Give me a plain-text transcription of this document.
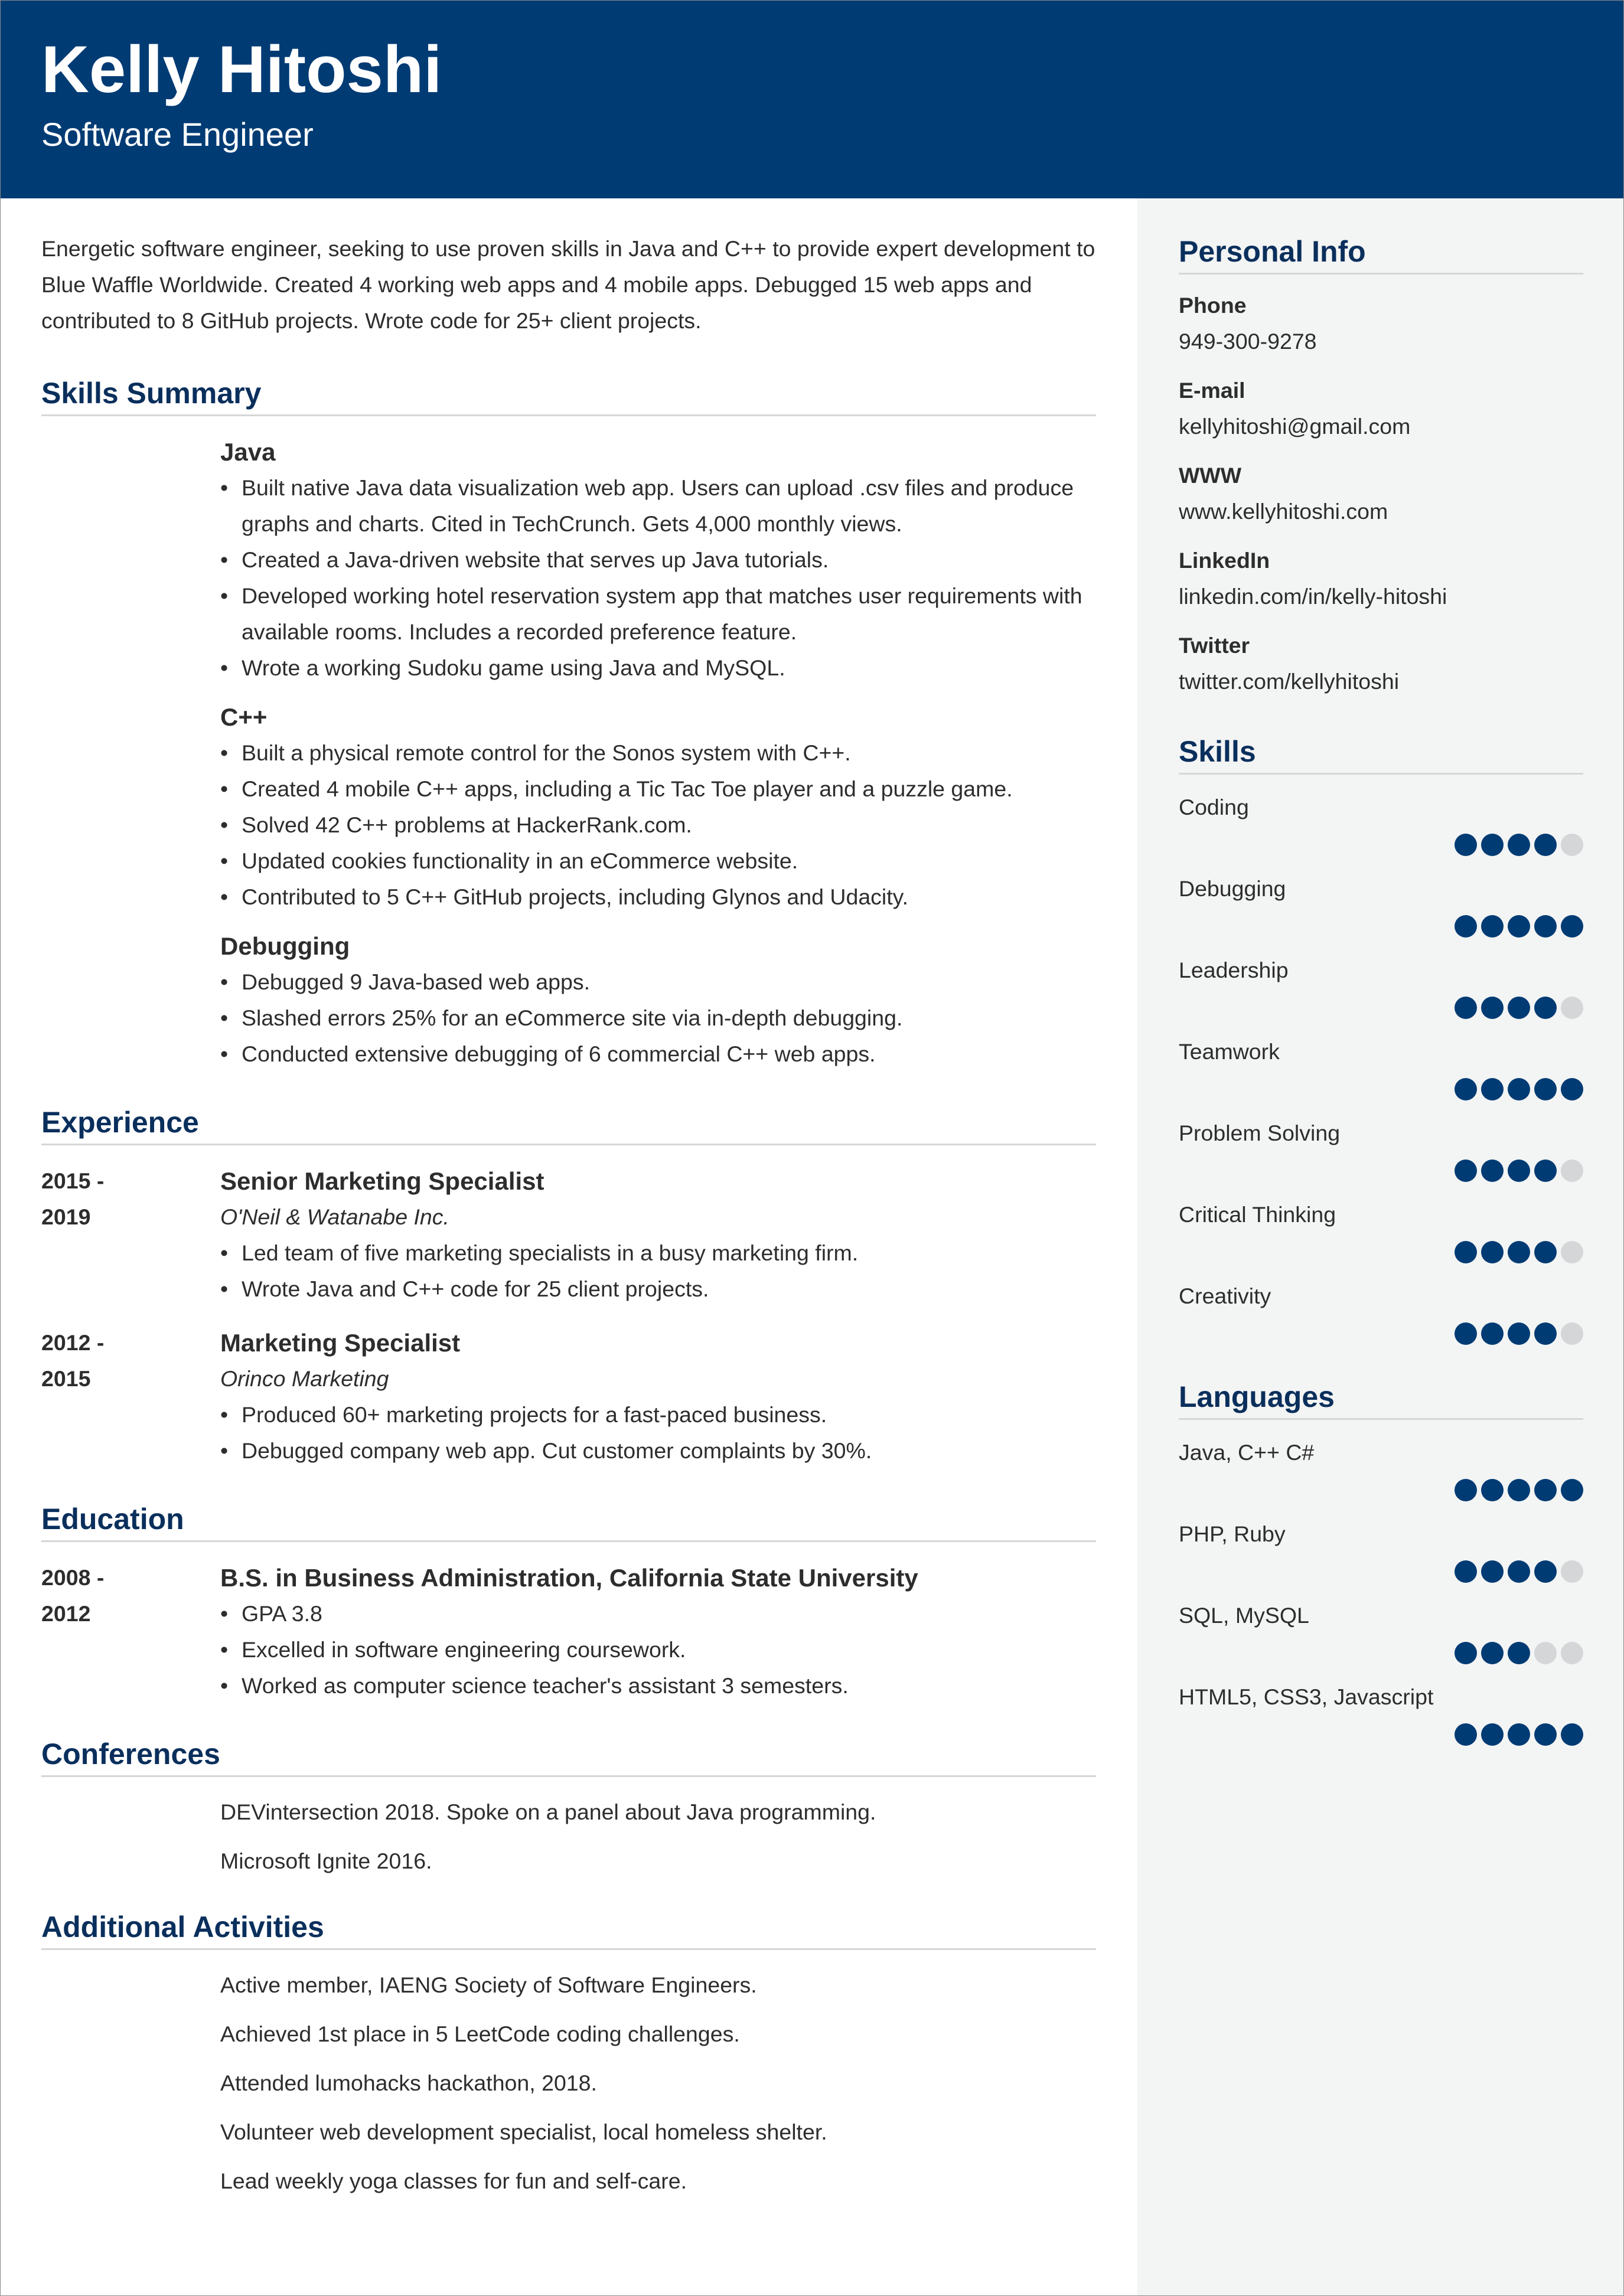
Kelly Hitoshi
Software Engineer
Energetic software engineer, seeking to use proven skills in Java and C++ to provide expert development to Blue Waffle Worldwide. Created 4 working web apps and 4 mobile apps. Debugged 15 web apps and contributed to 8 GitHub projects. Wrote code for 25+ client projects.
Skills Summary
Java
• Built native Java data visualization web app. Users can upload .csv files and produce graphs and charts. Cited in TechCrunch. Gets 4,000 monthly views.
• Created a Java-driven website that serves up Java tutorials.
• Developed working hotel reservation system app that matches user requirements with available rooms. Includes a recorded preference feature.
• Wrote a working Sudoku game using Java and MySQL.
C++
• Built a physical remote control for the Sonos system with C++.
• Created 4 mobile C++ apps, including a Tic Tac Toe player and a puzzle game.
• Solved 42 C++ problems at HackerRank.com.
• Updated cookies functionality in an eCommerce website.
• Contributed to 5 C++ GitHub projects, including Glynos and Udacity.
Debugging
• Debugged 9 Java-based web apps.
• Slashed errors 25% for an eCommerce site via in-depth debugging.
• Conducted extensive debugging of 6 commercial C++ web apps.
Experience
2015 -
2019
Senior Marketing Specialist
O'Neil & Watanabe Inc.
• Led team of five marketing specialists in a busy marketing firm.
• Wrote Java and C++ code for 25 client projects.
2012 -
2015
Marketing Specialist
Orinco Marketing
• Produced 60+ marketing projects for a fast-paced business.
• Debugged company web app. Cut customer complaints by 30%.
Education
2008 -
2012
B.S. in Business Administration, California State University
• GPA 3.8
• Excelled in software engineering coursework.
• Worked as computer science teacher's assistant 3 semesters.
Conferences
DEVintersection 2018. Spoke on a panel about Java programming.
Microsoft Ignite 2016.
Additional Activities
Active member, IAENG Society of Software Engineers.
Achieved 1st place in 5 LeetCode coding challenges.
Attended lumohacks hackathon, 2018.
Volunteer web development specialist, local homeless shelter.
Lead weekly yoga classes for fun and self-care.
Personal Info
Phone
949-300-9278
E-mail
kellyhitoshi@gmail.com
WWW
www.kellyhitoshi.com
LinkedIn
linkedin.com/in/kelly-hitoshi
Twitter
twitter.com/kellyhitoshi
Skills
Coding
Debugging
Leadership
Teamwork
Problem Solving
Critical Thinking
Creativity
Languages
Java, C++ C#
PHP, Ruby
SQL, MySQL
HTML5, CSS3, Javascript
